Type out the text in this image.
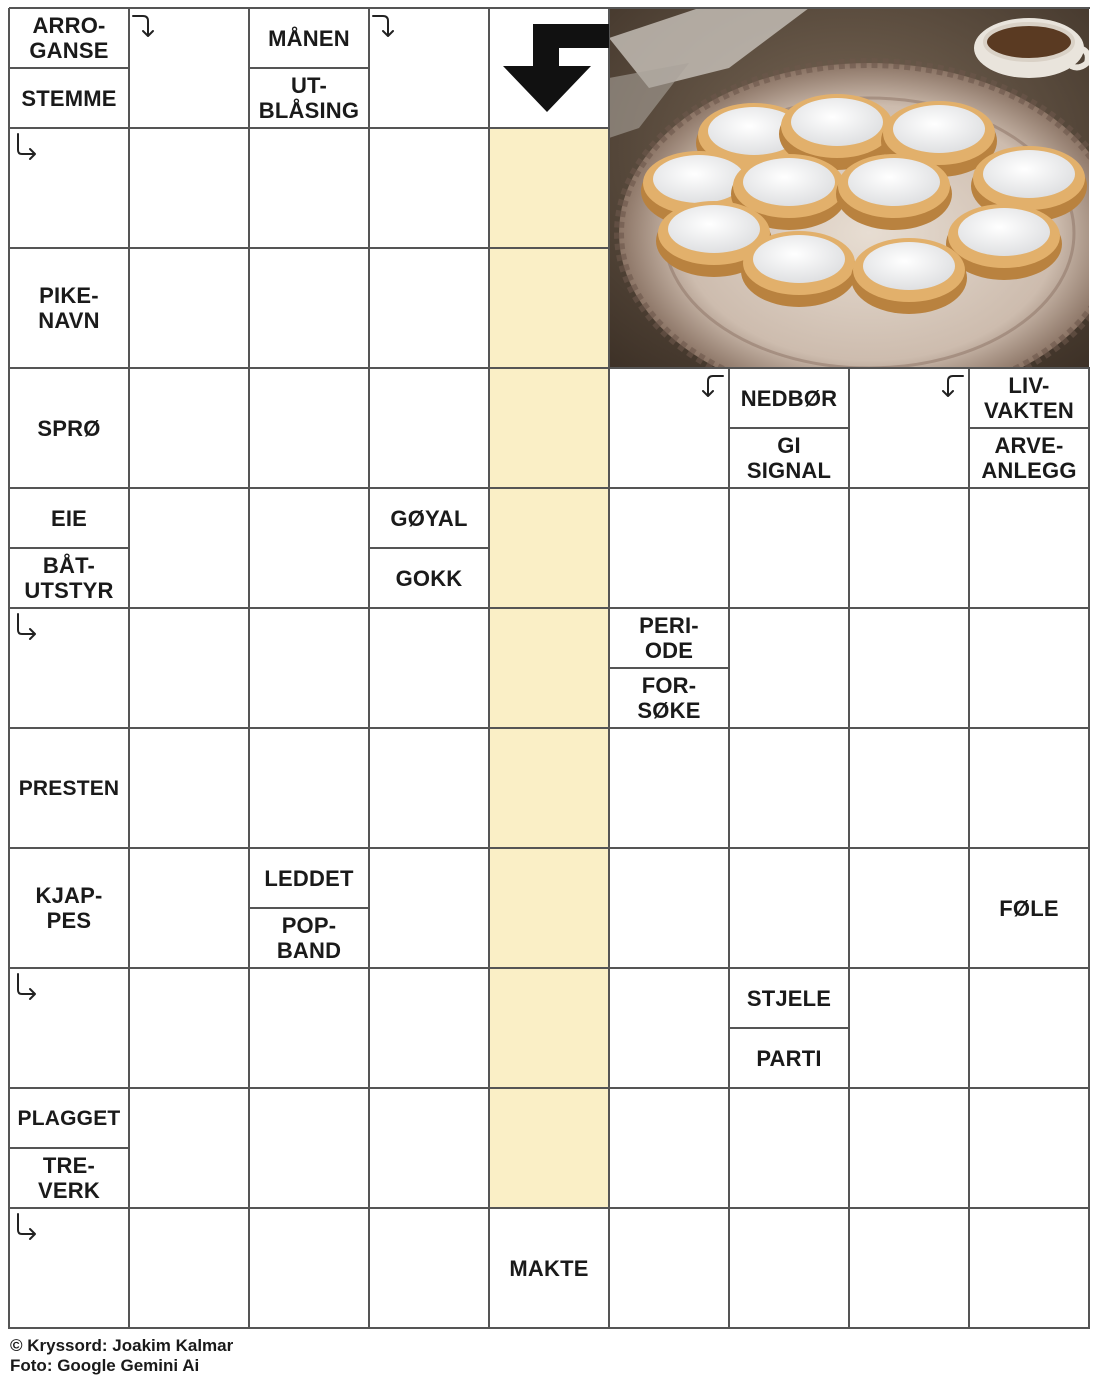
ARRO-
GANSE
STEMME
MÅNEN
UT-
BLÅSING
PIKE-
NAVN
SPRØ
NEDBØR
GI
SIGNAL
LIV-
VAKTEN
ARVE-
ANLEGG
EIE
BÅT-
UTSTYR
GØYAL
GOKK
PERI-
ODE
FOR-
SØKE
PRESTEN
KJAP-
PES
LEDDET
POP-
BAND
FØLE
STJELE
PARTI
PLAGGET
TRE-
VERK
MAKTE
© Kryssord: Joakim Kalmar
Foto: Google Gemini Ai
